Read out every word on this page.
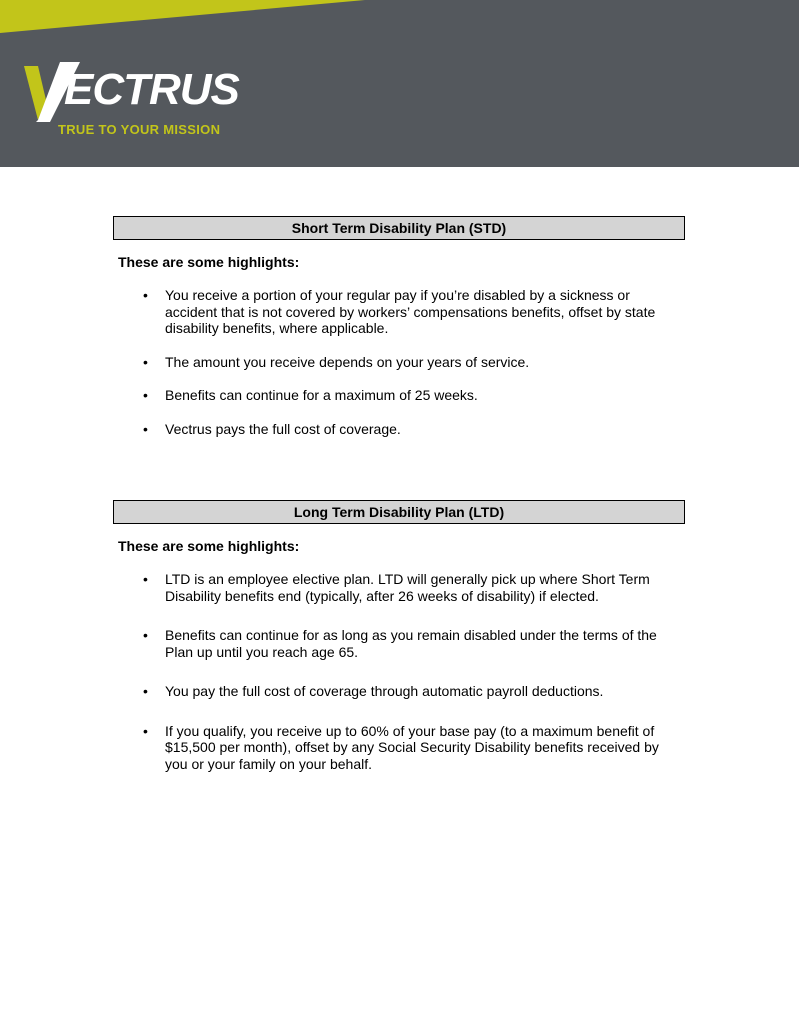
ECTRUS
TRUE TO YOUR MISSION
Short Term Disability Plan (STD)
These are some highlights:
• You receive a portion of your regular pay if you’re disabled by a sickness or accident that is not covered by workers’ compensations benefits, offset by state disability benefits, where applicable.
• The amount you receive depends on your years of service.
• Benefits can continue for a maximum of 25 weeks.
• Vectrus pays the full cost of coverage.
Long Term Disability Plan (LTD)
These are some highlights:
• LTD is an employee elective plan. LTD will generally pick up where Short Term Disability benefits end (typically, after 26 weeks of disability) if elected.
• Benefits can continue for as long as you remain disabled under the terms of the Plan up until you reach age 65.
• You pay the full cost of coverage through automatic payroll deductions.
• If you qualify, you receive up to 60% of your base pay (to a maximum benefit of $15,500 per month), offset by any Social Security Disability benefits received by you or your family on your behalf.
